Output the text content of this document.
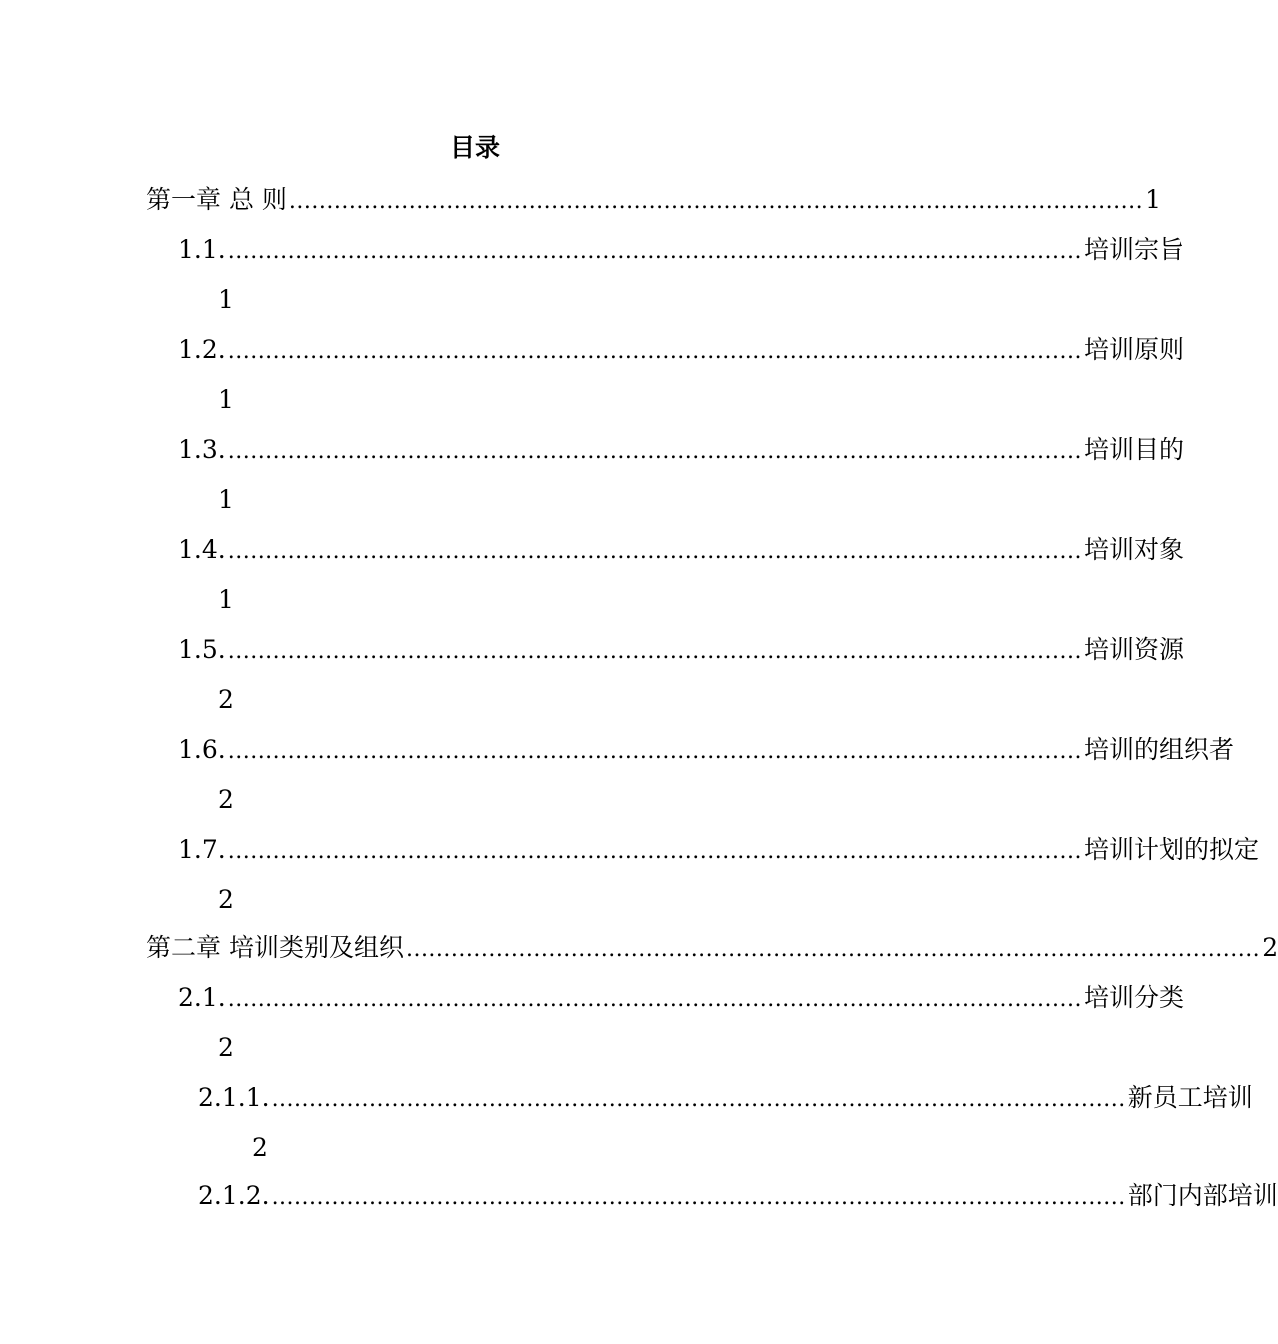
目录
第一章 总 则 .................................................................................................................. 1
1.1. .................................................................................................................. 培训宗旨
1
1.2. .................................................................................................................. 培训原则
1
1.3. .................................................................................................................. 培训目的
1
1.4. .................................................................................................................. 培训对象
1
1.5. .................................................................................................................. 培训资源
2
1.6. .................................................................................................................. 培训的组织者
2
1.7. .................................................................................................................. 培训计划的拟定
2
第二章 培训类别及组织 .................................................................................................................. 2
2.1. .................................................................................................................. 培训分类
2
2.1.1. .................................................................................................................. 新员工培训
2
2.1.2. .................................................................................................................. 部门内部培训
